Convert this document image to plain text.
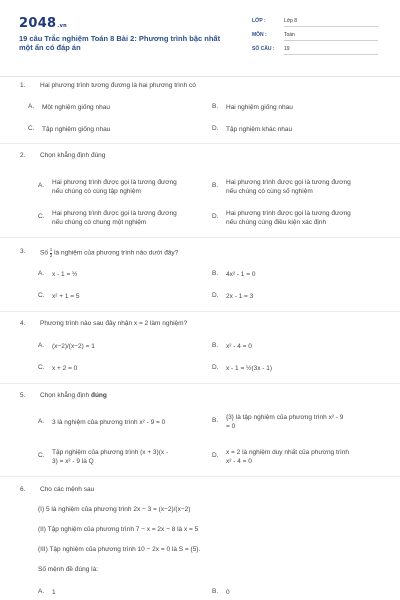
2048.vn
19 câu Trắc nghiệm Toán 8 Bài 2: Phương trình bậc nhất một ẩn có đáp án
LỚP :	Lớp 8
MÔN :	Toán
SỐ CÂU : 19
1. Hai phương trình tương đương là hai phương trình có
A. Một nghiệm giống nhau	B. Hai nghiệm giống nhau
C. Tập nghiệm giống nhau	D. Tập nghiệm khác nhau
2. Chọn khẳng định đúng
A. Hai phương trình được gọi là tương đương
nếu chúng có cùng tập nghiệm
B. Hai phương trình được gọi là tương đương
nếu chúng có cùng số nghiệm
C. Hai phương trình được gọi là tương đương
nếu chúng có chung một nghiệm
D. Hai phương trình được gọi là tương đương
nếu chúng cùng điều kiện xác định
3. Số $\frac{1}{2}$ là nghiệm của phương trình nào dưới đây?
A. x - 1 = ½	B. 4x² - 1 = 0
C. x² + 1 = 5	D. 2x - 1 = 3
4. Phương trình nào sau đây nhận x = 2 làm nghiệm?
A. (x−2)/(x−2) = 1	B. x² - 4 = 0
C. x + 2 = 0	D. x - 1 = ½(3x - 1)
5. Chọn khẳng định đúng
A. 3 là nghiệm của phương trình x² - 9 = 0	B. {3} là tập nghiệm của phương trình x² - 9
= 0
C. Tập nghiệm của phương trình (x + 3)(x -
3) = x² - 9 là Q
D. x = 2 là nghiệm duy nhất của phương trình
x² - 4 = 0
6. Cho các mệnh sau
(I) 5 là nghiệm của phương trình 2x − 3 = (x−2)/(x−2)
(II) Tập nghiệm của phương trình 7 − x = 2x − 8 là x = 5
(III) Tập nghiệm của phương trình 10 − 2x = 0 là S = {5}.
Số mệnh đề đúng là:
A. 1	B. 0
